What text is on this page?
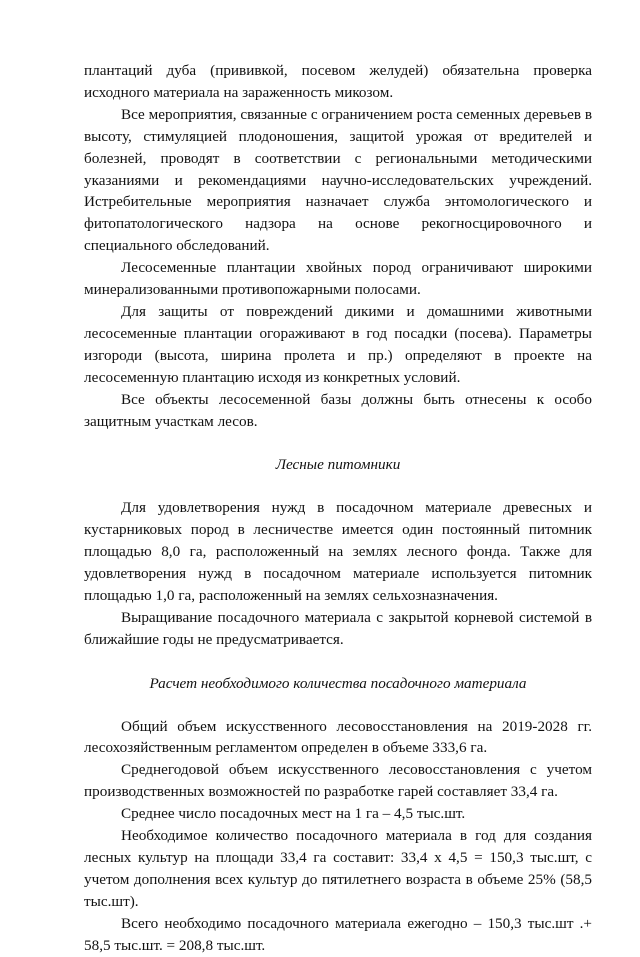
плантаций дуба (прививкой, посевом желудей) обязательна проверка исходного материала на зараженность микозом.

Все мероприятия, связанные с ограничением роста семенных деревьев в высоту, стимуляцией плодоношения, защитой урожая от вредителей и болезней, проводят в соответствии с региональными методическими указаниями и рекомендациями научно-исследовательских учреждений. Истребительные мероприятия назначает служба энтомологического и фитопатологического надзора на основе рекогносцировочного и специального обследований.

Лесосеменные плантации хвойных пород ограничивают широкими минерализованными противопожарными полосами.

Для защиты от повреждений дикими и домашними животными лесосеменные плантации огораживают в год посадки (посева). Параметры изгороди (высота, ширина пролета и пр.) определяют в проекте на лесосеменную плантацию исходя из конкретных условий.

Все объекты лесосеменной базы должны быть отнесены к особо защитным участкам лесов.

Лесные питомники

Для удовлетворения нужд в посадочном материале древесных и кустарниковых пород в лесничестве имеется один постоянный питомник площадью 8,0 га, расположенный на землях лесного фонда. Также для удовлетворения нужд в посадочном материале используется питомник площадью 1,0 га, расположенный на землях сельхозназначения.

Выращивание посадочного материала с закрытой корневой системой в ближайшие годы не предусматривается.

Расчет необходимого количества посадочного материала

Общий объем искусственного лесовосстановления на 2019-2028 гг. лесохозяйственным регламентом определен в объеме 333,6 га.

Среднегодовой объем искусственного лесовосстановления с учетом производственных возможностей по разработке гарей составляет 33,4 га.

Среднее число посадочных мест на 1 га – 4,5 тыс.шт.

Необходимое количество посадочного материала в год для создания лесных культур на площади 33,4 га составит: 33,4 х 4,5 = 150,3 тыс.шт, с учетом дополнения всех культур до пятилетнего возраста в объеме 25% (58,5 тыс.шт).

Всего необходимо посадочного материала ежегодно – 150,3 тыс.шт .+ 58,5 тыс.шт. = 208,8 тыс.шт.
